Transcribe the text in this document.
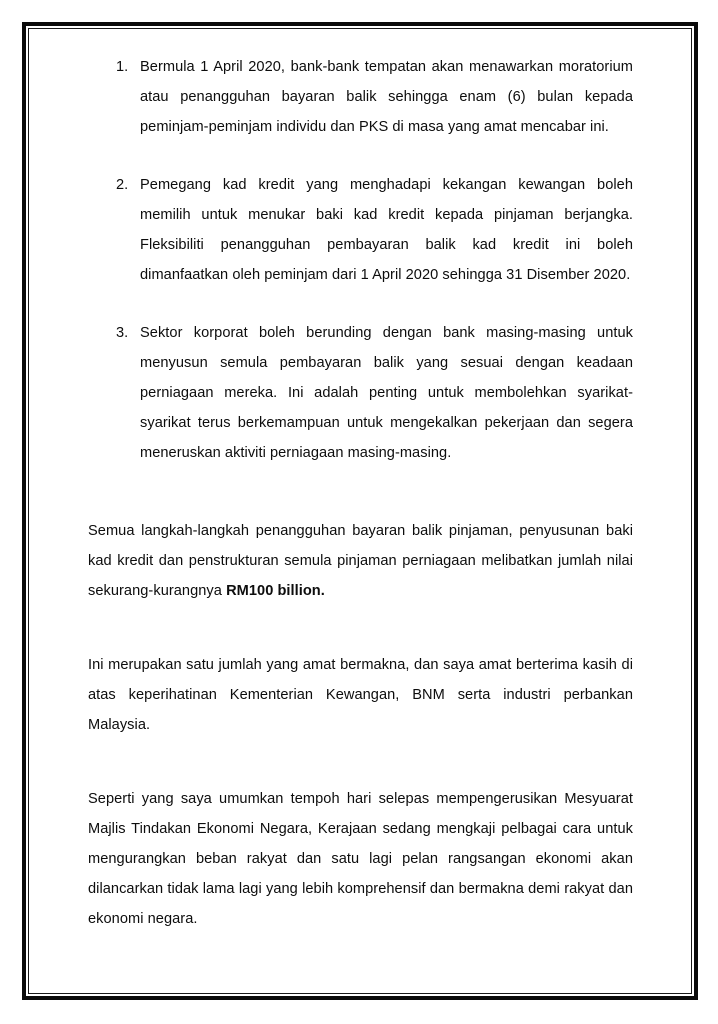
1. Bermula 1 April 2020, bank-bank tempatan akan menawarkan moratorium atau penangguhan bayaran balik sehingga enam (6) bulan kepada peminjam-peminjam individu dan PKS di masa yang amat mencabar ini.
2. Pemegang kad kredit yang menghadapi kekangan kewangan boleh memilih untuk menukar baki kad kredit kepada pinjaman berjangka. Fleksibiliti penangguhan pembayaran balik kad kredit ini boleh dimanfaatkan oleh peminjam dari 1 April 2020 sehingga 31 Disember 2020.
3. Sektor korporat boleh berunding dengan bank masing-masing untuk menyusun semula pembayaran balik yang sesuai dengan keadaan perniagaan mereka. Ini adalah penting untuk membolehkan syarikat-syarikat terus berkemampuan untuk mengekalkan pekerjaan dan segera meneruskan aktiviti perniagaan masing-masing.

Semua langkah-langkah penangguhan bayaran balik pinjaman, penyusunan baki kad kredit dan penstrukturan semula pinjaman perniagaan melibatkan jumlah nilai sekurang-kurangnya RM100 billion.

Ini merupakan satu jumlah yang amat bermakna, dan saya amat berterima kasih di atas keperihatinan Kementerian Kewangan, BNM serta industri perbankan Malaysia.

Seperti yang saya umumkan tempoh hari selepas mempengerusikan Mesyuarat Majlis Tindakan Ekonomi Negara, Kerajaan sedang mengkaji pelbagai cara untuk mengurangkan beban rakyat dan satu lagi pelan rangsangan ekonomi akan dilancarkan tidak lama lagi yang lebih komprehensif dan bermakna demi rakyat dan ekonomi negara.
